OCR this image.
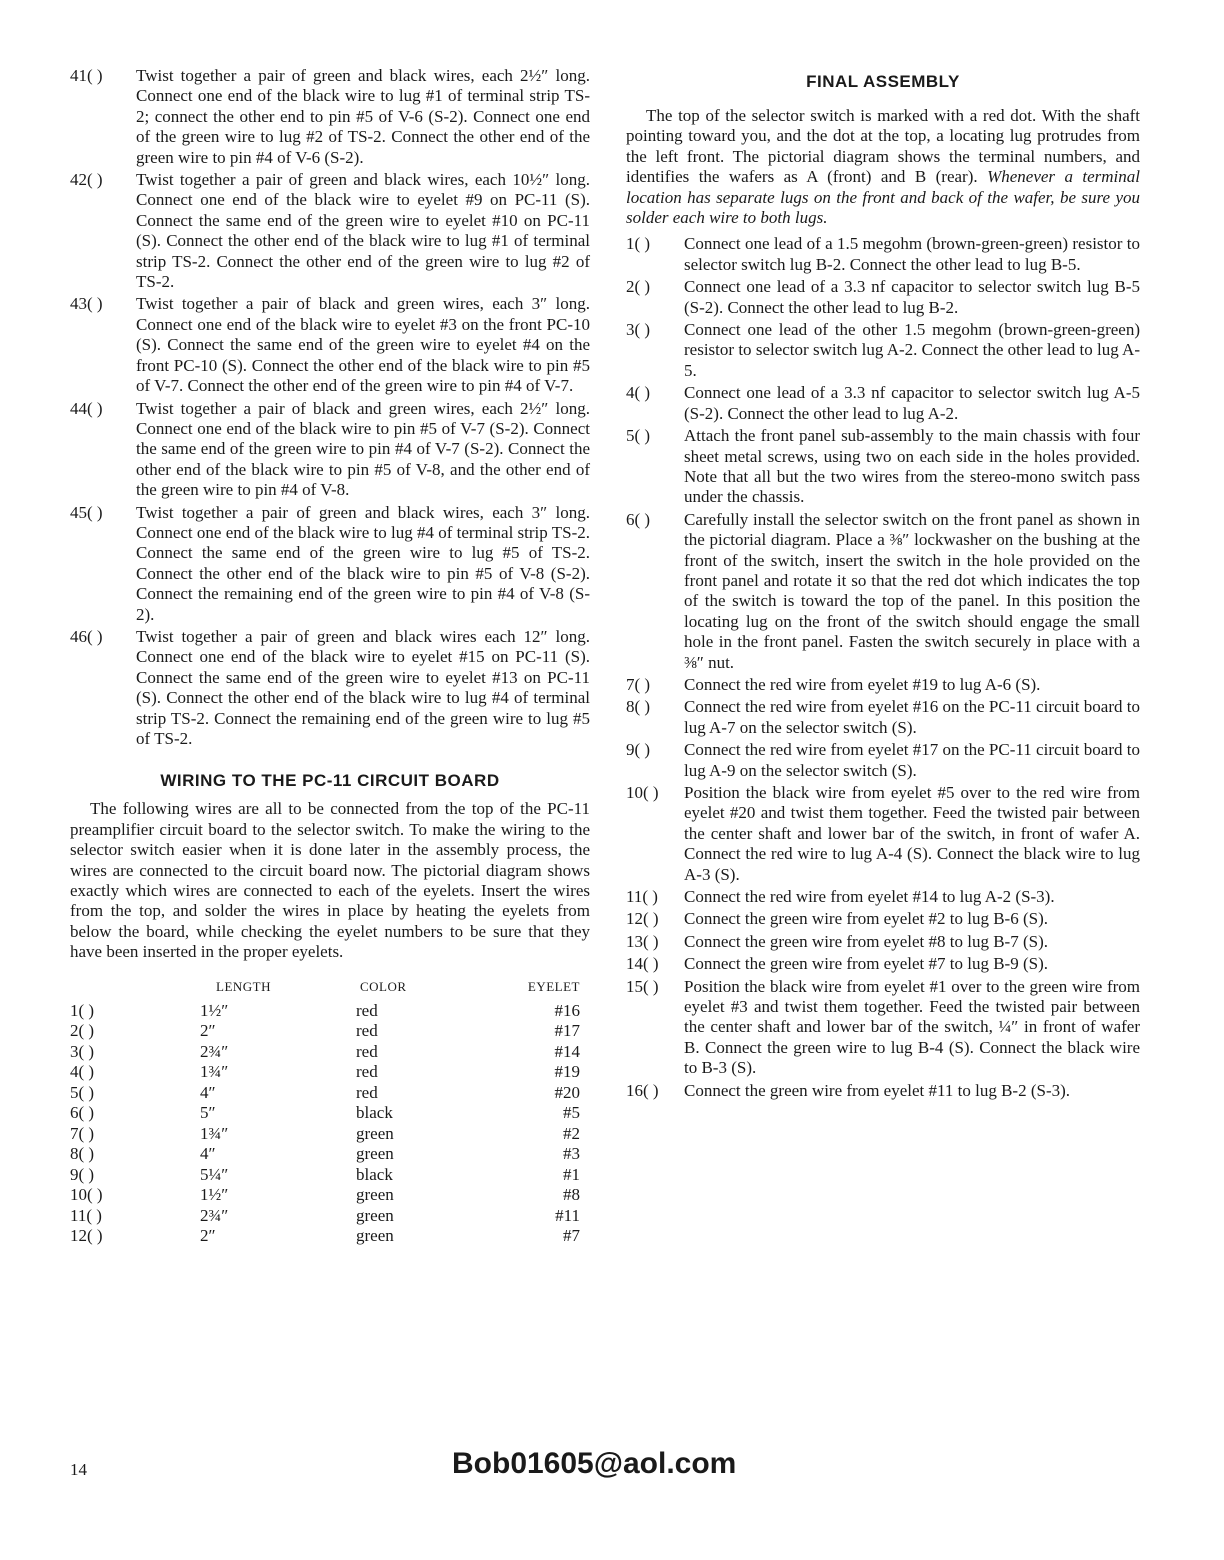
41( )	Twist together a pair of green and black wires, each 2½″ long. Connect one end of the black wire to lug #1 of terminal strip TS-2; connect the other end to pin #5 of V-6 (S-2). Connect one end of the green wire to lug #2 of TS-2. Connect the other end of the green wire to pin #4 of V-6 (S-2).
42( )	Twist together a pair of green and black wires, each 10½″ long. Connect one end of the black wire to eyelet #9 on PC-11 (S). Connect the same end of the green wire to eyelet #10 on PC-11 (S). Connect the other end of the black wire to lug #1 of terminal strip TS-2. Connect the other end of the green wire to lug #2 of TS-2.
43( )	Twist together a pair of black and green wires, each 3″ long. Connect one end of the black wire to eyelet #3 on the front PC-10 (S). Connect the same end of the green wire to eyelet #4 on the front PC-10 (S). Connect the other end of the black wire to pin #5 of V-7. Connect the other end of the green wire to pin #4 of V-7.
44( )	Twist together a pair of black and green wires, each 2½″ long. Connect one end of the black wire to pin #5 of V-7 (S-2). Connect the same end of the green wire to pin #4 of V-7 (S-2). Connect the other end of the black wire to pin #5 of V-8, and the other end of the green wire to pin #4 of V-8.
45( )	Twist together a pair of green and black wires, each 3″ long. Connect one end of the black wire to lug #4 of terminal strip TS-2. Connect the same end of the green wire to lug #5 of TS-2. Connect the other end of the black wire to pin #5 of V-8 (S-2). Connect the remaining end of the green wire to pin #4 of V-8 (S-2).
46( )	Twist together a pair of green and black wires each 12″ long. Connect one end of the black wire to eyelet #15 on PC-11 (S). Connect the same end of the green wire to eyelet #13 on PC-11 (S). Connect the other end of the black wire to lug #4 of terminal strip TS-2. Connect the remaining end of the green wire to lug #5 of TS-2.
WIRING TO THE PC-11 CIRCUIT BOARD

The following wires are all to be connected from the top of the PC-11 preamplifier circuit board to the selector switch. To make the wiring to the selector switch easier when it is done later in the assembly process, the wires are connected to the circuit board now. The pictorial diagram shows exactly which wires are connected to each of the eyelets. Insert the wires from the top, and solder the wires in place by heating the eyelets from below the board, while checking the eyelet numbers to be sure that they have been inserted in the proper eyelets.

	LENGTH	COLOR	EYELET
1( )	1½″	red	#16
2( )	2″	red	#17
3( )	2¾″	red	#14
4( )	1¾″	red	#19
5( )	4″	red	#20
6( )	5″	black	#5
7( )	1¾″	green	#2
8( )	4″	green	#3
9( )	5¼″	black	#1
10( )	1½″	green	#8
11( )	2¾″	green	#11
12( )	2″	green	#7
FINAL ASSEMBLY

The top of the selector switch is marked with a red dot. With the shaft pointing toward you, and the dot at the top, a locating lug protrudes from the left front. The pictorial diagram shows the terminal numbers, and identifies the wafers as A (front) and B (rear). Whenever a terminal location has separate lugs on the front and back of the wafer, be sure you solder each wire to both lugs.

1( )	Connect one lead of a 1.5 megohm (brown-green-green) resistor to selector switch lug B-2. Connect the other lead to lug B-5.
2( )	Connect one lead of a 3.3 nf capacitor to selector switch lug B-5 (S-2). Connect the other lead to lug B-2.
3( )	Connect one lead of the other 1.5 megohm (brown-green-green) resistor to selector switch lug A-2. Connect the other lead to lug A-5.
4( )	Connect one lead of a 3.3 nf capacitor to selector switch lug A-5 (S-2). Connect the other lead to lug A-2.
5( )	Attach the front panel sub-assembly to the main chassis with four sheet metal screws, using two on each side in the holes provided. Note that all but the two wires from the stereo-mono switch pass under the chassis.
6( )	Carefully install the selector switch on the front panel as shown in the pictorial diagram. Place a ⅜″ lockwasher on the bushing at the front of the switch, insert the switch in the hole provided on the front panel and rotate it so that the red dot which indicates the top of the switch is toward the top of the panel. In this position the locating lug on the front of the switch should engage the small hole in the front panel. Fasten the switch securely in place with a ⅜″ nut.
7( )	Connect the red wire from eyelet #19 to lug A-6 (S).
8( )	Connect the red wire from eyelet #16 on the PC-11 circuit board to lug A-7 on the selector switch (S).
9( )	Connect the red wire from eyelet #17 on the PC-11 circuit board to lug A-9 on the selector switch (S).
10( )	Position the black wire from eyelet #5 over to the red wire from eyelet #20 and twist them together. Feed the twisted pair between the center shaft and lower bar of the switch, in front of wafer A. Connect the red wire to lug A-4 (S). Connect the black wire to lug A-3 (S).
11( )	Connect the red wire from eyelet #14 to lug A-2 (S-3).
12( )	Connect the green wire from eyelet #2 to lug B-6 (S).
13( )	Connect the green wire from eyelet #8 to lug B-7 (S).
14( )	Connect the green wire from eyelet #7 to lug B-9 (S).
15( )	Position the black wire from eyelet #1 over to the green wire from eyelet #3 and twist them together. Feed the twisted pair between the center shaft and lower bar of the switch, ¼″ in front of wafer B. Connect the green wire to lug B-4 (S). Connect the black wire to B-3 (S).
16( )	Connect the green wire from eyelet #11 to lug B-2 (S-3).
14	Bob01605@aol.com
